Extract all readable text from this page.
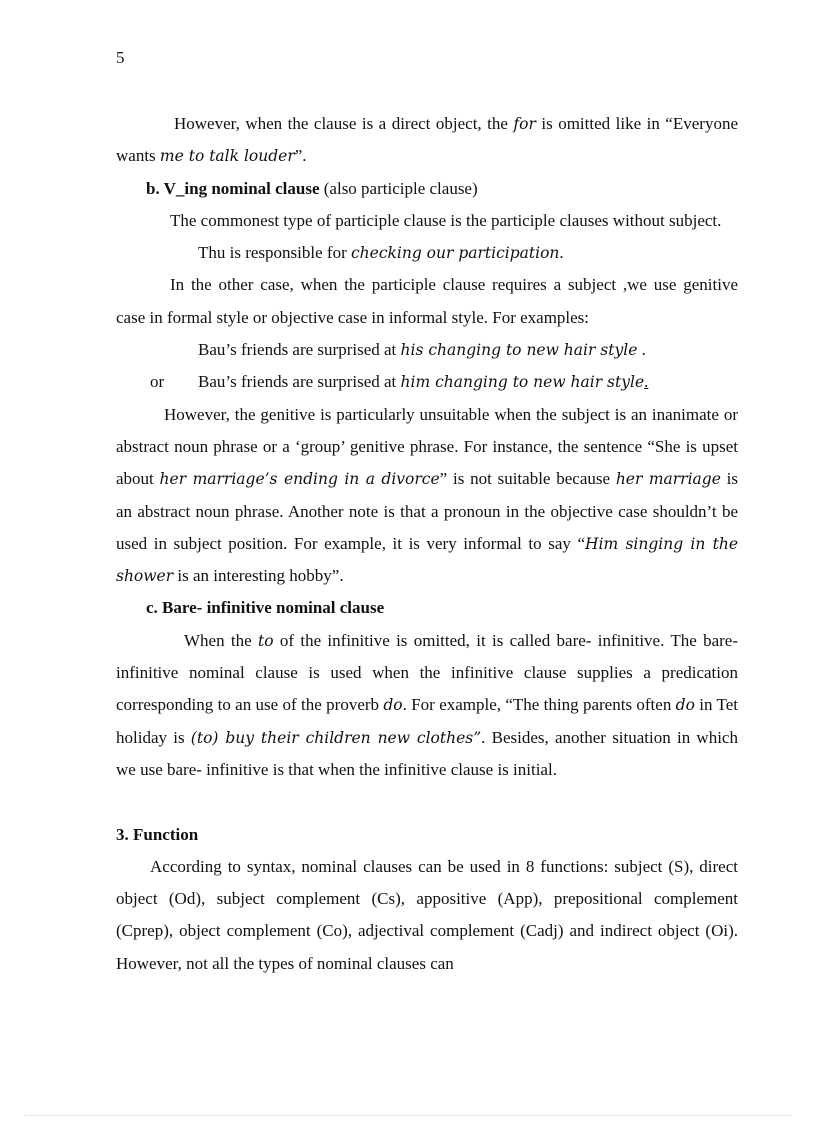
5

However, when the clause is a direct object, the for is omitted like in “Everyone wants me to talk louder”.

b. V_ing nominal clause (also participle clause)

The commonest type of participle clause is the participle clauses without subject.

Thu is responsible for checking our participation.

In the other case, when the participle clause requires a subject ,we use genitive case in formal style or objective case in informal style. For examples:

Bau’s friends are surprised at his changing to new hair style .

or Bau’s friends are surprised at him changing to new hair style.

However, the genitive is particularly unsuitable when the subject is an inanimate or abstract noun phrase or a ‘group’ genitive phrase. For instance, the sentence “She is upset about her marriage’s ending in a divorce” is not suitable because her marriage is an abstract noun phrase. Another note is that a pronoun in the objective case shouldn’t be used in subject position. For example, it is very informal to say “Him singing in the shower is an interesting hobby”.

c. Bare- infinitive nominal clause

When the to of the infinitive is omitted, it is called bare- infinitive. The bare- infinitive nominal clause is used when the infinitive clause supplies a predication corresponding to an use of the proverb do. For example, “The thing parents often do in Tet holiday is (to) buy their children new clothes”. Besides, another situation in which we use bare- infinitive is that when the infinitive clause is initial.

3. Function

According to syntax, nominal clauses can be used in 8 functions: subject (S), direct object (Od), subject complement (Cs), appositive (App), prepositional complement (Cprep), object complement (Co), adjectival complement (Cadj) and indirect object (Oi). However, not all the types of nominal clauses can
